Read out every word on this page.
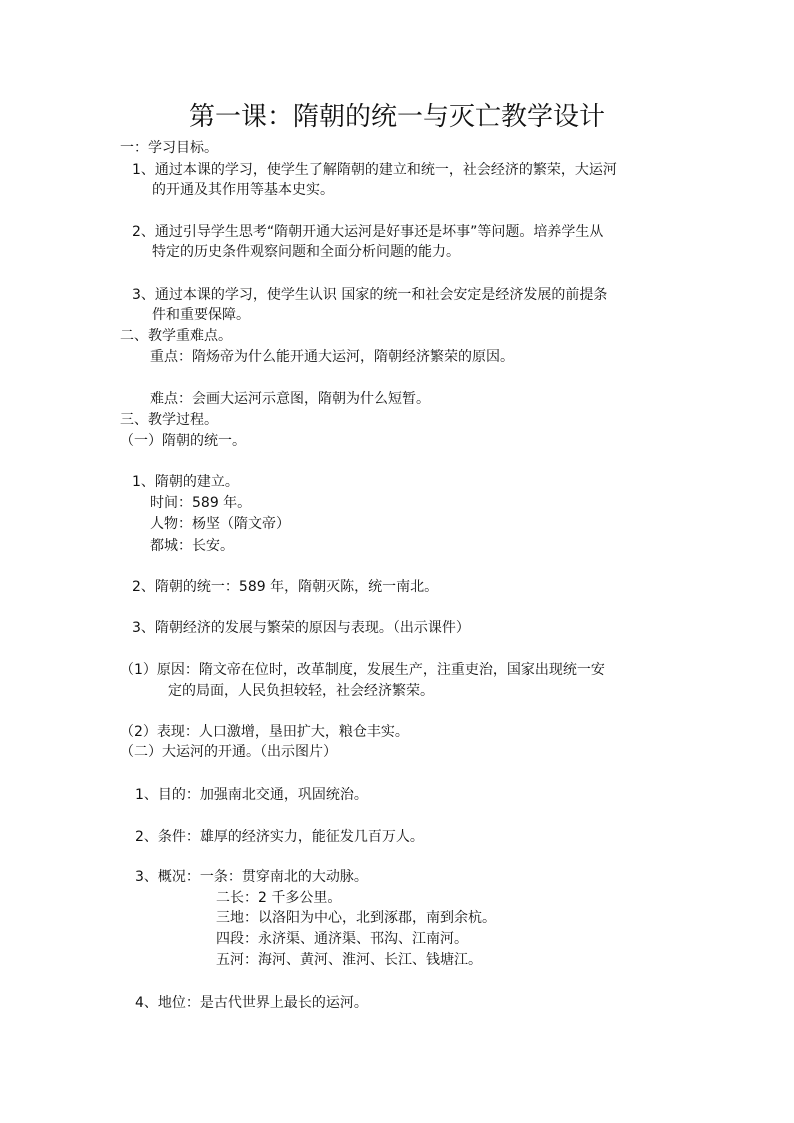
第一课：隋朝的统一与灭亡教学设计
一：学习目标。
1、通过本课的学习，使学生了解隋朝的建立和统一，社会经济的繁荣，大运河
的开通及其作用等基本史实。
2、通过引导学生思考“隋朝开通大运河是好事还是坏事”等问题。培养学生从
特定的历史条件观察问题和全面分析问题的能力。
3、通过本课的学习，使学生认识 国家的统一和社会安定是经济发展的前提条
件和重要保障。
二、教学重难点。
重点：隋炀帝为什么能开通大运河，隋朝经济繁荣的原因。
难点：会画大运河示意图，隋朝为什么短暂。
三、教学过程。
（一）隋朝的统一。
1、隋朝的建立。
时间：589 年。
人物：杨坚（隋文帝）
都城：长安。
2、隋朝的统一：589 年，隋朝灭陈，统一南北。
3、隋朝经济的发展与繁荣的原因与表现。（出示课件）
（1）原因：隋文帝在位时，改革制度，发展生产，注重吏治，国家出现统一安
定的局面，人民负担较轻，社会经济繁荣。
（2）表现：人口激增，垦田扩大，粮仓丰实。
（二）大运河的开通。（出示图片）
1、目的：加强南北交通，巩固统治。
2、条件：雄厚的经济实力，能征发几百万人。
3、概况：一条：贯穿南北的大动脉。
二长：2 千多公里。
三地：以洛阳为中心，北到涿郡，南到余杭。
四段：永济渠、通济渠、邗沟、江南河。
五河：海河、黄河、淮河、长江、钱塘江。
4、地位：是古代世界上最长的运河。
